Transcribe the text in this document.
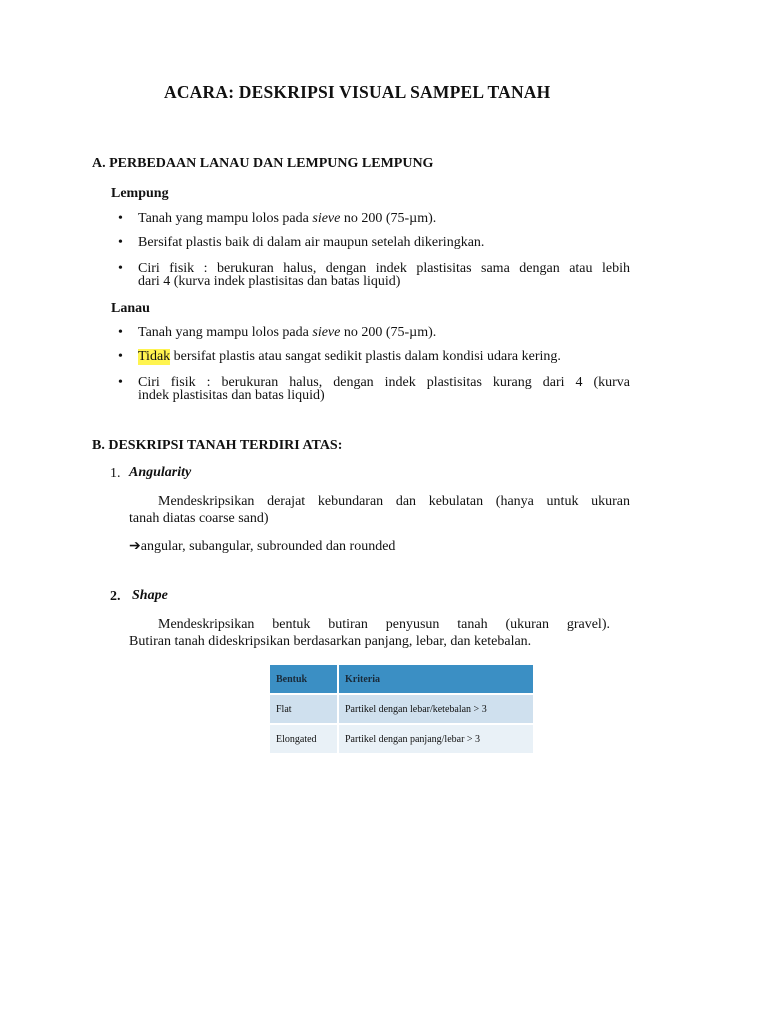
ACARA: DESKRIPSI VISUAL SAMPEL TANAH
A. PERBEDAAN LANAU DAN LEMPUNG LEMPUNG
Lempung
• Tanah yang mampu lolos pada sieve no 200 (75-µm).
• Bersifat plastis baik di dalam air maupun setelah dikeringkan.
• Ciri fisik : berukuran halus, dengan indek plastisitas sama dengan atau lebih
dari 4 (kurva indek plastisitas dan batas liquid)
Lanau
• Tanah yang mampu lolos pada sieve no 200 (75-µm).
• Tidak bersifat plastis atau sangat sedikit plastis dalam kondisi udara kering.
• Ciri fisik : berukuran halus, dengan indek plastisitas kurang dari 4 (kurva
indek plastisitas dan batas liquid)
B. DESKRIPSI TANAH TERDIRI ATAS:
1. Angularity
Mendeskripsikan derajat kebundaran dan kebulatan (hanya untuk ukuran
tanah diatas coarse sand)
➔angular, subangular, subrounded dan rounded
2. Shape
Mendeskripsikan bentuk butiran penyusun tanah (ukuran gravel).
Butiran tanah dideskripsikan berdasarkan panjang, lebar, dan ketebalan.
Bentuk	Kriteria
Flat	Partikel dengan lebar/ketebalan > 3
Elongated	Partikel dengan panjang/lebar > 3
